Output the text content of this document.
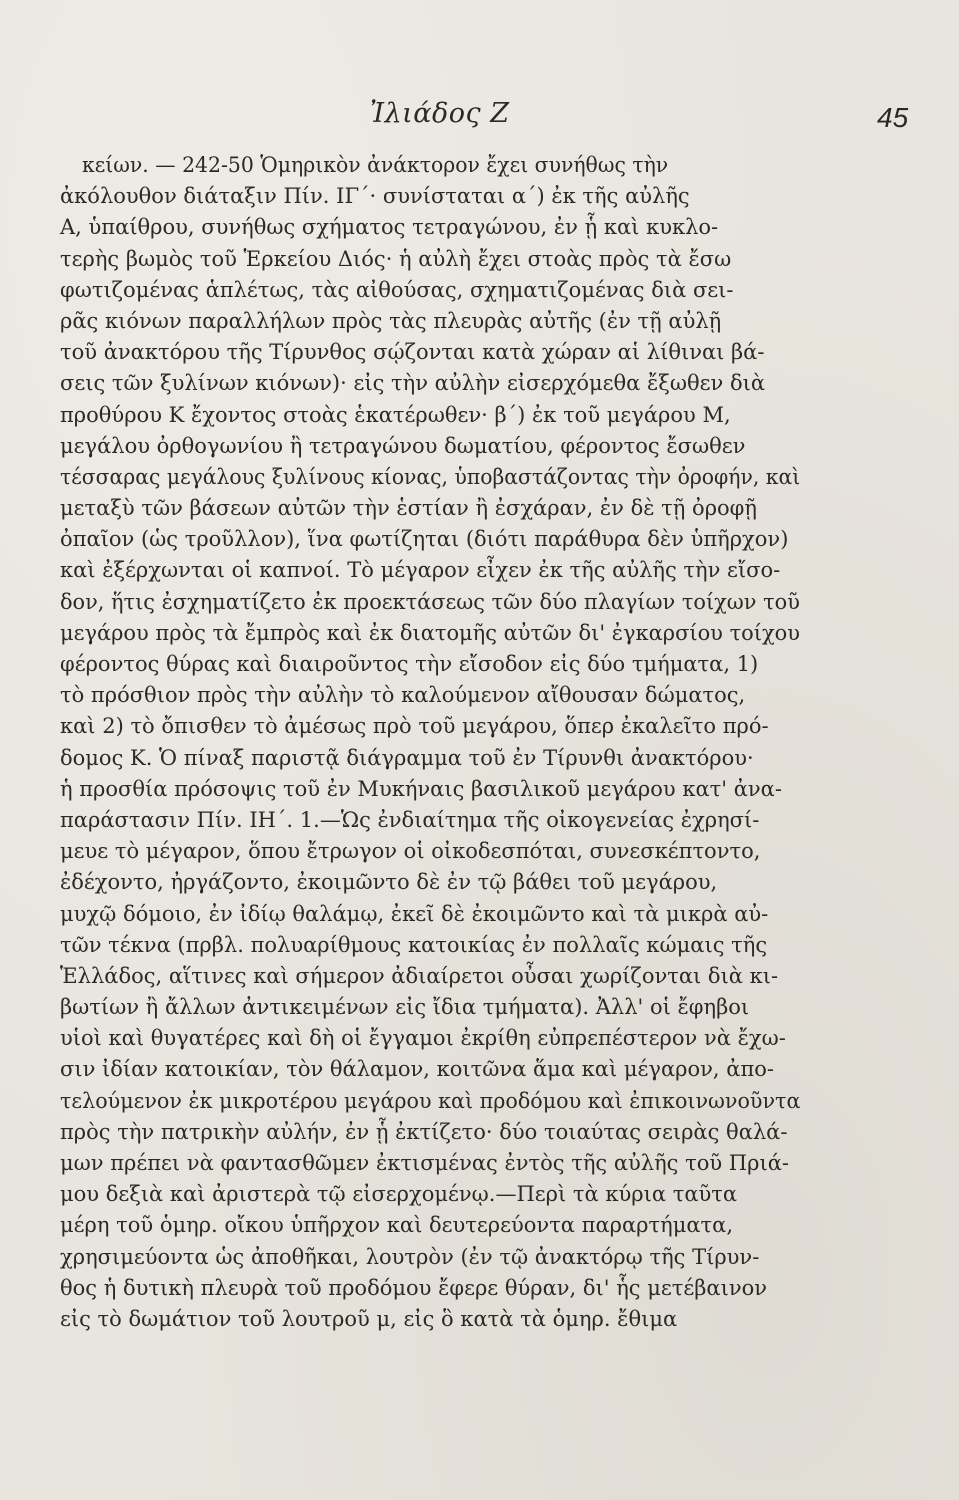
Ἰλιάδος Ζ	45
κείων. — 242-50 Ὁμηρικὸν ἀνάκτορον ἔχει συνήθως τὴν
ἀκόλουθον διάταξιν Πίν. ΙΓ΄· συνίσταται α΄) ἐκ τῆς αὐλῆς
Α, ὑπαίθρου, συνήθως σχήματος τετραγώνου, ἐν ᾗ καὶ κυκλο-
τερὴς βωμὸς τοῦ Ἑρκείου Διός· ἡ αὐλὴ ἔχει στοὰς πρὸς τὰ ἔσω
φωτιζομένας ἁπλέτως, τὰς αἰθούσας, σχηματιζομένας διὰ σει-
ρᾶς κιόνων παραλλήλων πρὸς τὰς πλευρὰς αὐτῆς (ἐν τῇ αὐλῇ
τοῦ ἀνακτόρου τῆς Τίρυνθος σῴζονται κατὰ χώραν αἱ λίθιναι βά-
σεις τῶν ξυλίνων κιόνων)· εἰς τὴν αὐλὴν εἰσερχόμεθα ἔξωθεν διὰ
προθύρου Κ ἔχοντος στοὰς ἑκατέρωθεν· β΄) ἐκ τοῦ μεγάρου Μ,
μεγάλου ὀρθογωνίου ἢ τετραγώνου δωματίου, φέροντος ἔσωθεν
τέσσαρας μεγάλους ξυλίνους κίονας, ὑποβαστάζοντας τὴν ὀροφήν, καὶ
μεταξὺ τῶν βάσεων αὐτῶν τὴν ἑστίαν ἢ ἐσχάραν, ἐν δὲ τῇ ὀροφῇ
ὀπαῖον (ὡς τροῦλλον), ἵνα φωτίζηται (διότι παράθυρα δὲν ὑπῆρχον)
καὶ ἐξέρχωνται οἱ καπνοί. Τὸ μέγαρον εἶχεν ἐκ τῆς αὐλῆς τὴν εἴσο-
δον, ἥτις ἐσχηματίζετο ἐκ προεκτάσεως τῶν δύο πλαγίων τοίχων τοῦ
μεγάρου πρὸς τὰ ἔμπρὸς καὶ ἐκ διατομῆς αὐτῶν δι' ἐγκαρσίου τοίχου
φέροντος θύρας καὶ διαιροῦντος τὴν εἴσοδον εἰς δύο τμήματα, 1)
τὸ πρόσθιον πρὸς τὴν αὐλὴν τὸ καλούμενον αἴθουσαν δώματος,
καὶ 2) τὸ ὄπισθεν τὸ ἀμέσως πρὸ τοῦ μεγάρου, ὅπερ ἐκαλεῖτο πρό-
δομος Κ. Ὁ πίναξ παριστᾷ διάγραμμα τοῦ ἐν Τίρυνθι ἀνακτόρου·
ἡ προσθία πρόσοψις τοῦ ἐν Μυκήναις βασιλικοῦ μεγάρου κατ' ἀνα-
παράστασιν Πίν. ΙΗ΄. 1.—Ὡς ἐνδιαίτημα τῆς οἰκογενείας ἐχρησί-
μευε τὸ μέγαρον, ὅπου ἔτρωγον οἱ οἰκοδεσπόται, συνεσκέπτοντο,
ἐδέχοντο, ἠργάζοντο, ἐκοιμῶντο δὲ ἐν τῷ βάθει τοῦ μεγάρου,
μυχῷ δόμοιο, ἐν ἰδίῳ θαλάμῳ, ἐκεῖ δὲ ἐκοιμῶντο καὶ τὰ μικρὰ αὐ-
τῶν τέκνα (πρβλ. πολυαρίθμους κατοικίας ἐν πολλαῖς κώμαις τῆς
Ἑλλάδος, αἵτινες καὶ σήμερον ἀδιαίρετοι οὖσαι χωρίζονται διὰ κι-
βωτίων ἢ ἄλλων ἀντικειμένων εἰς ἴδια τμήματα). Ἀλλ' οἱ ἔφηβοι
υἱοὶ καὶ θυγατέρες καὶ δὴ οἱ ἔγγαμοι ἐκρίθη εὐπρεπέστερον νὰ ἔχω-
σιν ἰδίαν κατοικίαν, τὸν θάλαμον, κοιτῶνα ἅμα καὶ μέγαρον, ἀπο-
τελούμενον ἐκ μικροτέρου μεγάρου καὶ προδόμου καὶ ἐπικοινωνοῦντα
πρὸς τὴν πατρικὴν αὐλήν, ἐν ᾗ ἐκτίζετο· δύο τοιαύτας σειρὰς θαλά-
μων πρέπει νὰ φαντασθῶμεν ἐκτισμένας ἐντὸς τῆς αὐλῆς τοῦ Πριά-
μου δεξιὰ καὶ ἀριστερὰ τῷ εἰσερχομένῳ.—Περὶ τὰ κύρια ταῦτα
μέρη τοῦ ὁμηρ. οἴκου ὑπῆρχον καὶ δευτερεύοντα παραρτήματα,
χρησιμεύοντα ὡς ἀποθῆκαι, λουτρὸν (ἐν τῷ ἀνακτόρῳ τῆς Τίρυν-
θος ἡ δυτικὴ πλευρὰ τοῦ προδόμου ἔφερε θύραν, δι' ἧς μετέβαινον
εἰς τὸ δωμάτιον τοῦ λουτροῦ μ, εἰς ὃ κατὰ τὰ ὁμηρ. ἔθιμα
